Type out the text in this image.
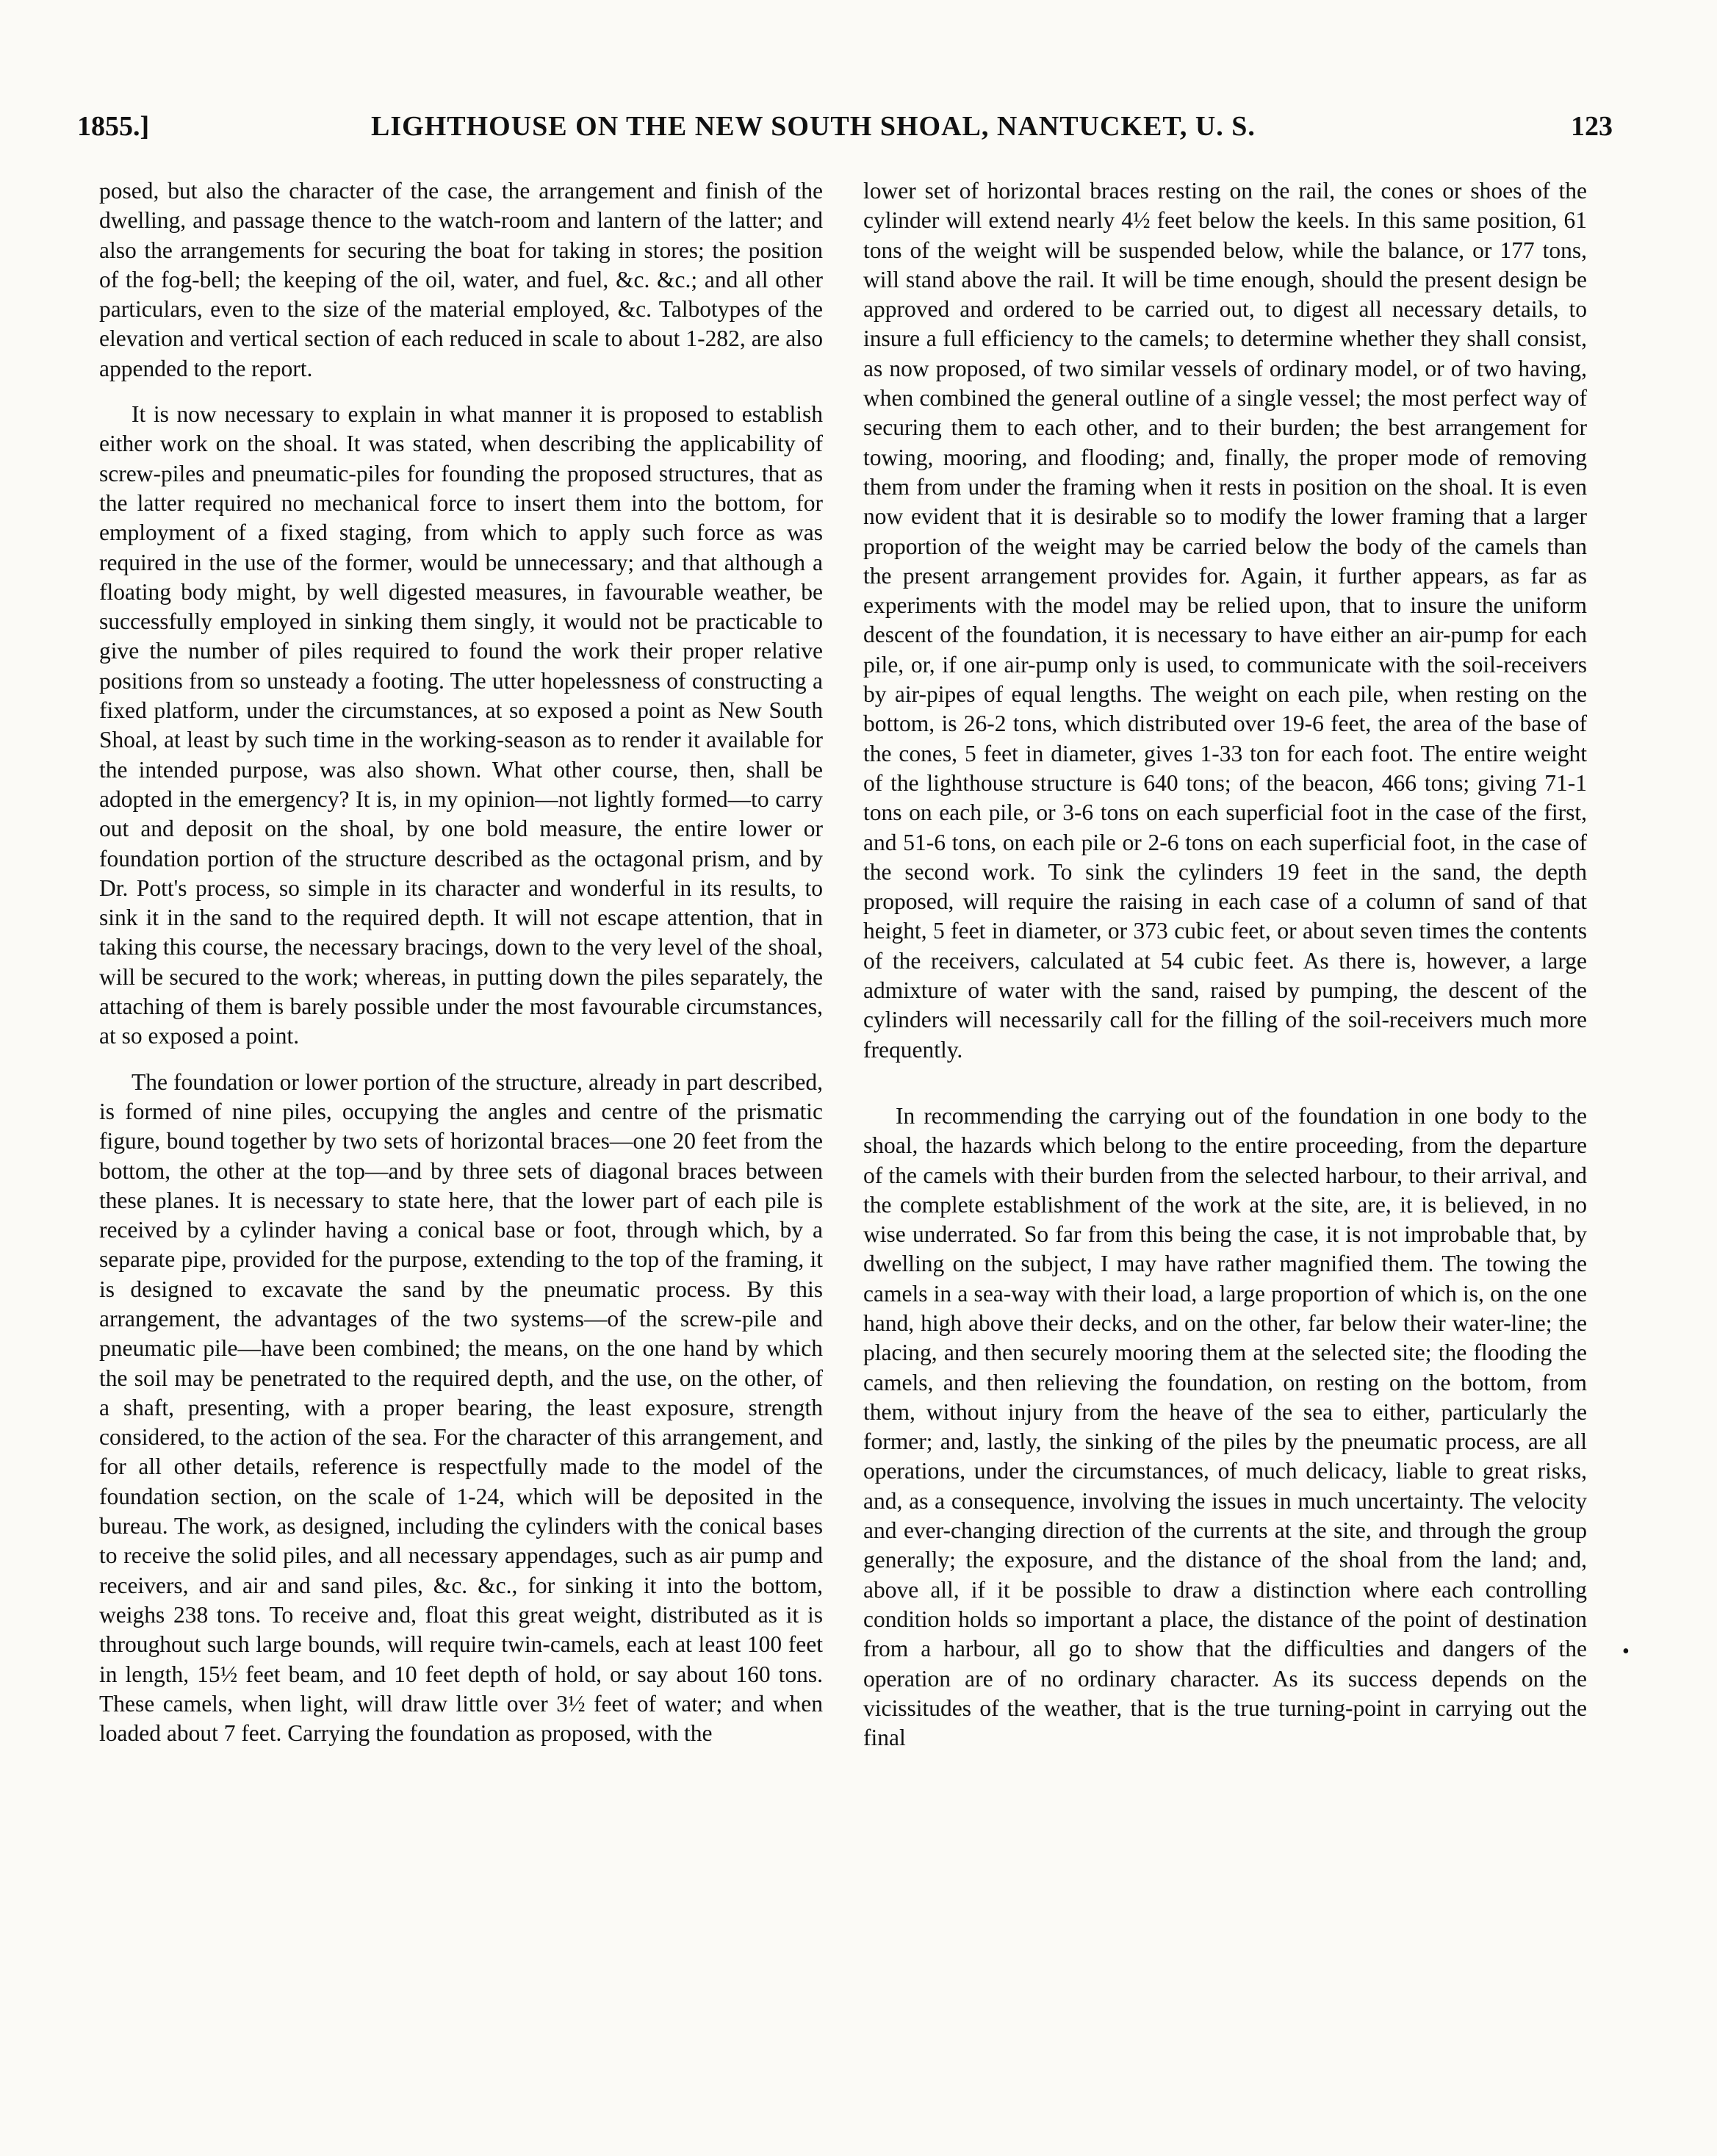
1855.]	LIGHTHOUSE ON THE NEW SOUTH SHOAL, NANTUCKET, U. S.	123

posed, but also the character of the case, the arrangement and finish of the dwelling, and passage thence to the watch-room and lantern of the latter; and also the arrangements for securing the boat for taking in stores; the position of the fog-bell; the keeping of the oil, water, and fuel, &c. &c.; and all other particulars, even to the size of the material employed, &c. Talbotypes of the elevation and vertical section of each reduced in scale to about 1-282, are also appended to the report.

It is now necessary to explain in what manner it is proposed to establish either work on the shoal. It was stated, when describing the applicability of screw-piles and pneumatic-piles for founding the proposed structures, that as the latter required no mechanical force to insert them into the bottom, for employment of a fixed staging, from which to apply such force as was required in the use of the former, would be unnecessary; and that although a floating body might, by well digested measures, in favourable weather, be successfully employed in sinking them singly, it would not be practicable to give the number of piles required to found the work their proper relative positions from so unsteady a footing. The utter hopelessness of constructing a fixed platform, under the circumstances, at so exposed a point as New South Shoal, at least by such time in the working-season as to render it available for the intended purpose, was also shown. What other course, then, shall be adopted in the emergency? It is, in my opinion—not lightly formed—to carry out and deposit on the shoal, by one bold measure, the entire lower or foundation portion of the structure described as the octagonal prism, and by Dr. Pott's process, so simple in its character and wonderful in its results, to sink it in the sand to the required depth. It will not escape attention, that in taking this course, the necessary bracings, down to the very level of the shoal, will be secured to the work; whereas, in putting down the piles separately, the attaching of them is barely possible under the most favourable circumstances, at so exposed a point.

The foundation or lower portion of the structure, already in part described, is formed of nine piles, occupying the angles and centre of the prismatic figure, bound together by two sets of horizontal braces—one 20 feet from the bottom, the other at the top—and by three sets of diagonal braces between these planes. It is necessary to state here, that the lower part of each pile is received by a cylinder having a conical base or foot, through which, by a separate pipe, provided for the purpose, extending to the top of the framing, it is designed to excavate the sand by the pneumatic process. By this arrangement, the advantages of the two systems—of the screw-pile and pneumatic pile—have been combined; the means, on the one hand by which the soil may be penetrated to the required depth, and the use, on the other, of a shaft, presenting, with a proper bearing, the least exposure, strength considered, to the action of the sea. For the character of this arrangement, and for all other details, reference is respectfully made to the model of the foundation section, on the scale of 1-24, which will be deposited in the bureau. The work, as designed, including the cylinders with the conical bases to receive the solid piles, and all necessary appendages, such as air pump and receivers, and air and sand piles, &c. &c., for sinking it into the bottom, weighs 238 tons. To receive and, float this great weight, distributed as it is throughout such large bounds, will require twin-camels, each at least 100 feet in length, 15½ feet beam, and 10 feet depth of hold, or say about 160 tons. These camels, when light, will draw little over 3½ feet of water; and when loaded about 7 feet. Carrying the foundation as proposed, with the

lower set of horizontal braces resting on the rail, the cones or shoes of the cylinder will extend nearly 4½ feet below the keels. In this same position, 61 tons of the weight will be suspended below, while the balance, or 177 tons, will stand above the rail. It will be time enough, should the present design be approved and ordered to be carried out, to digest all necessary details, to insure a full efficiency to the camels; to determine whether they shall consist, as now proposed, of two similar vessels of ordinary model, or of two having, when combined the general outline of a single vessel; the most perfect way of securing them to each other, and to their burden; the best arrangement for towing, mooring, and flooding; and, finally, the proper mode of removing them from under the framing when it rests in position on the shoal. It is even now evident that it is desirable so to modify the lower framing that a larger proportion of the weight may be carried below the body of the camels than the present arrangement provides for. Again, it further appears, as far as experiments with the model may be relied upon, that to insure the uniform descent of the foundation, it is necessary to have either an air-pump for each pile, or, if one air-pump only is used, to communicate with the soil-receivers by air-pipes of equal lengths. The weight on each pile, when resting on the bottom, is 26-2 tons, which distributed over 19-6 feet, the area of the base of the cones, 5 feet in diameter, gives 1-33 ton for each foot. The entire weight of the lighthouse structure is 640 tons; of the beacon, 466 tons; giving 71-1 tons on each pile, or 3-6 tons on each superficial foot in the case of the first, and 51-6 tons, on each pile or 2-6 tons on each superficial foot, in the case of the second work. To sink the cylinders 19 feet in the sand, the depth proposed, will require the raising in each case of a column of sand of that height, 5 feet in diameter, or 373 cubic feet, or about seven times the contents of the receivers, calculated at 54 cubic feet. As there is, however, a large admixture of water with the sand, raised by pumping, the descent of the cylinders will necessarily call for the filling of the soil-receivers much more frequently.

In recommending the carrying out of the foundation in one body to the shoal, the hazards which belong to the entire proceeding, from the departure of the camels with their burden from the selected harbour, to their arrival, and the complete establishment of the work at the site, are, it is believed, in no wise underrated. So far from this being the case, it is not improbable that, by dwelling on the subject, I may have rather magnified them. The towing the camels in a sea-way with their load, a large proportion of which is, on the one hand, high above their decks, and on the other, far below their water-line; the placing, and then securely mooring them at the selected site; the flooding the camels, and then relieving the foundation, on resting on the bottom, from them, without injury from the heave of the sea to either, particularly the former; and, lastly, the sinking of the piles by the pneumatic process, are all operations, under the circumstances, of much delicacy, liable to great risks, and, as a consequence, involving the issues in much uncertainty. The velocity and ever-changing direction of the currents at the site, and through the group generally; the exposure, and the distance of the shoal from the land; and, above all, if it be possible to draw a distinction where each controlling condition holds so important a place, the distance of the point of destination from a harbour, all go to show that the difficulties and dangers of the operation are of no ordinary character. As its success depends on the vicissitudes of the weather, that is the true turning-point in carrying out the final

•
